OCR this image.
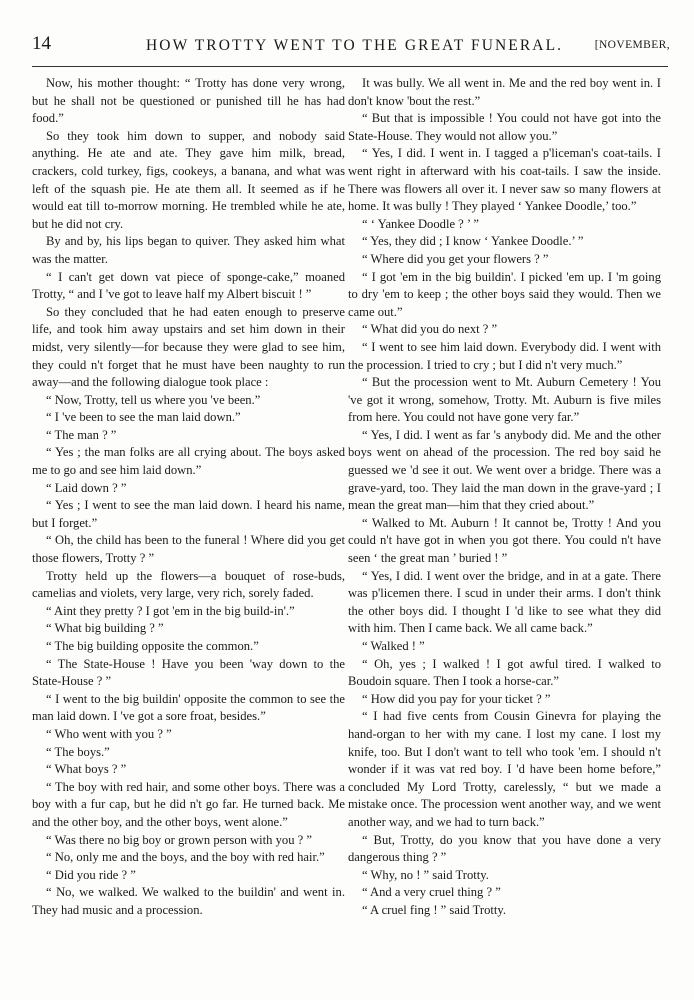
14	HOW TROTTY WENT TO THE GREAT FUNERAL.	[NOVEMBER,

Now, his mother thought: “ Trotty has done very wrong, but he shall not be questioned or punished till he has had food.”

So they took him down to supper, and nobody said anything. He ate and ate. They gave him milk, bread, crackers, cold turkey, figs, cookeys, a banana, and what was left of the squash pie. He ate them all. It seemed as if he would eat till to-morrow morning. He trembled while he ate, but he did not cry.

By and by, his lips began to quiver. They asked him what was the matter.

“ I can't get down vat piece of sponge-cake,” moaned Trotty, “ and I 've got to leave half my Albert biscuit ! ”

So they concluded that he had eaten enough to preserve life, and took him away upstairs and set him down in their midst, very silently—for because they were glad to see him, they could n't forget that he must have been naughty to run away—and the following dialogue took place :

“ Now, Trotty, tell us where you 've been.”

“ I 've been to see the man laid down.”

“ The man ? ”

“ Yes ; the man folks are all crying about. The boys asked me to go and see him laid down.”

“ Laid down ? ”

“ Yes ; I went to see the man laid down. I heard his name, but I forget.”

“ Oh, the child has been to the funeral ! Where did you get those flowers, Trotty ? ”

Trotty held up the flowers—a bouquet of rose-buds, camelias and violets, very large, very rich, sorely faded.

“ Aint they pretty ? I got 'em in the big build-in'.”

“ What big building ? ”

“ The big building opposite the common.”

“ The State-House ! Have you been 'way down to the State-House ? ”

“ I went to the big buildin' opposite the common to see the man laid down. I 've got a sore froat, besides.”

“ Who went with you ? ”

“ The boys.”

“ What boys ? ”

“ The boy with red hair, and some other boys. There was a boy with a fur cap, but he did n't go far. He turned back. Me and the other boy, and the other boys, went alone.”

“ Was there no big boy or grown person with you ? ”

“ No, only me and the boys, and the boy with red hair.”

“ Did you ride ? ”

“ No, we walked. We walked to the buildin' and went in. They had music and a procession.

It was bully. We all went in. Me and the red boy went in. I don't know 'bout the rest.”

“ But that is impossible ! You could not have got into the State-House. They would not allow you.”

“ Yes, I did. I went in. I tagged a p'liceman's coat-tails. I went right in afterward with his coat-tails. I saw the inside. There was flowers all over it. I never saw so many flowers at home. It was bully ! They played ‘ Yankee Doodle,’ too.”

“ ‘ Yankee Doodle ? ’ ”

“ Yes, they did ; I know ‘ Yankee Doodle.’ ”

“ Where did you get your flowers ? ”

“ I got 'em in the big buildin'. I picked 'em up. I 'm going to dry 'em to keep ; the other boys said they would. Then we came out.”

“ What did you do next ? ”

“ I went to see him laid down. Everybody did. I went with the procession. I tried to cry ; but I did n't very much.”

“ But the procession went to Mt. Auburn Cemetery ! You 've got it wrong, somehow, Trotty. Mt. Auburn is five miles from here. You could not have gone very far.”

“ Yes, I did. I went as far 's anybody did. Me and the other boys went on ahead of the procession. The red boy said he guessed we 'd see it out. We went over a bridge. There was a grave-yard, too. They laid the man down in the grave-yard ; I mean the great man—him that they cried about.”

“ Walked to Mt. Auburn ! It cannot be, Trotty ! And you could n't have got in when you got there. You could n't have seen ‘ the great man ’ buried ! ”

“ Yes, I did. I went over the bridge, and in at a gate. There was p'licemen there. I scud in under their arms. I don't think the other boys did. I thought I 'd like to see what they did with him. Then I came back. We all came back.”

“ Walked ! ”

“ Oh, yes ; I walked ! I got awful tired. I walked to Boudoin square. Then I took a horse-car.”

“ How did you pay for your ticket ? ”

“ I had five cents from Cousin Ginevra for playing the hand-organ to her with my cane. I lost my cane. I lost my knife, too. But I don't want to tell who took 'em. I should n't wonder if it was vat red boy. I 'd have been home before,” concluded My Lord Trotty, carelessly, “ but we made a mistake once. The procession went another way, and we went another way, and we had to turn back.”

“ But, Trotty, do you know that you have done a very dangerous thing ? ”

“ Why, no ! ” said Trotty.

“ And a very cruel thing ? ”

“ A cruel fing ! ” said Trotty.
